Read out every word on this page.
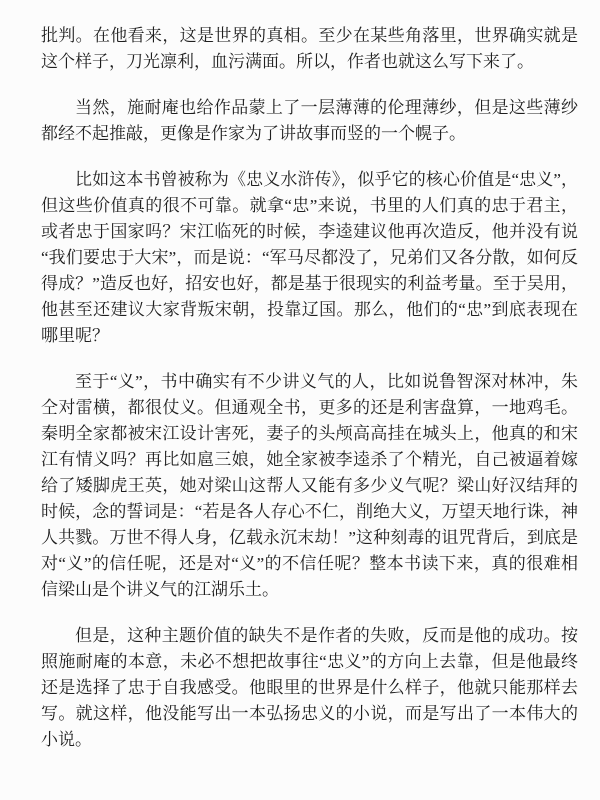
批判。在他看来，这是世界的真相。至少在某些角落里，世界确实就是这个样子，刀光凛利，血污满面。所以，作者也就这么写下来了。

当然，施耐庵也给作品蒙上了一层薄薄的伦理薄纱，但是这些薄纱都经不起推敲，更像是作家为了讲故事而竖的一个幌子。

比如这本书曾被称为《忠义水浒传》，似乎它的核心价值是“忠义”，但这些价值真的很不可靠。就拿“忠”来说，书里的人们真的忠于君主，或者忠于国家吗？宋江临死的时候，李逵建议他再次造反，他并没有说“我们要忠于大宋”，而是说：“军马尽都没了，兄弟们又各分散，如何反得成？”造反也好，招安也好，都是基于很现实的利益考量。至于吴用，他甚至还建议大家背叛宋朝，投靠辽国。那么，他们的“忠”到底表现在哪里呢？

至于“义”，书中确实有不少讲义气的人，比如说鲁智深对林冲，朱仝对雷横，都很仗义。但通观全书，更多的还是利害盘算，一地鸡毛。秦明全家都被宋江设计害死，妻子的头颅高高挂在城头上，他真的和宋江有情义吗？再比如扈三娘，她全家被李逵杀了个精光，自己被逼着嫁给了矮脚虎王英，她对梁山这帮人又能有多少义气呢？梁山好汉结拜的时候，念的誓词是：“若是各人存心不仁，削绝大义，万望天地行诛，神人共戮。万世不得人身，亿载永沉末劫！”这种刻毒的诅咒背后，到底是对“义”的信任呢，还是对“义”的不信任呢？整本书读下来，真的很难相信梁山是个讲义气的江湖乐土。

但是，这种主题价值的缺失不是作者的失败，反而是他的成功。按照施耐庵的本意，未必不想把故事往“忠义”的方向上去靠，但是他最终还是选择了忠于自我感受。他眼里的世界是什么样子，他就只能那样去写。就这样，他没能写出一本弘扬忠义的小说，而是写出了一本伟大的小说。
